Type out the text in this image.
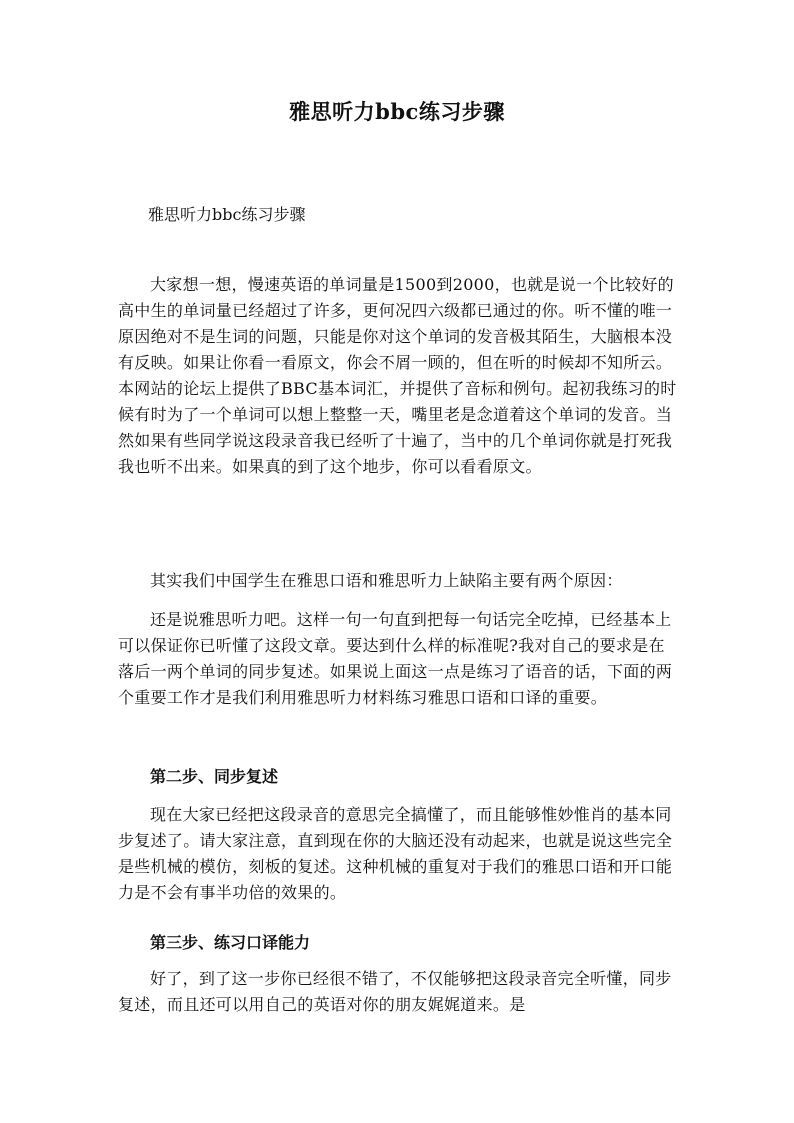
雅思听力bbc练习步骤
雅思听力bbc练习步骤
大家想一想，慢速英语的单词量是1500到2000，也就是说一个比较好的高中生的单词量已经超过了许多，更何况四六级都已通过的你。听不懂的唯一原因绝对不是生词的问题，只能是你对这个单词的发音极其陌生，大脑根本没有反映。如果让你看一看原文，你会不屑一顾的，但在听的时候却不知所云。本网站的论坛上提供了BBC基本词汇，并提供了音标和例句。起初我练习的时候有时为了一个单词可以想上整整一天，嘴里老是念道着这个单词的发音。当然如果有些同学说这段录音我已经听了十遍了，当中的几个单词你就是打死我我也听不出来。如果真的到了这个地步，你可以看看原文。
其实我们中国学生在雅思口语和雅思听力上缺陷主要有两个原因：
还是说雅思听力吧。这样一句一句直到把每一句话完全吃掉，已经基本上可以保证你已听懂了这段文章。要达到什么样的标准呢?我对自己的要求是在落后一两个单词的同步复述。如果说上面这一点是练习了语音的话，下面的两个重要工作才是我们利用雅思听力材料练习雅思口语和口译的重要。
第二步、同步复述
现在大家已经把这段录音的意思完全搞懂了，而且能够惟妙惟肖的基本同步复述了。请大家注意，直到现在你的大脑还没有动起来，也就是说这些完全是些机械的模仿，刻板的复述。这种机械的重复对于我们的雅思口语和开口能力是不会有事半功倍的效果的。
第三步、练习口译能力
好了，到了这一步你已经很不错了，不仅能够把这段录音完全听懂，同步复述，而且还可以用自己的英语对你的朋友娓娓道来。是
